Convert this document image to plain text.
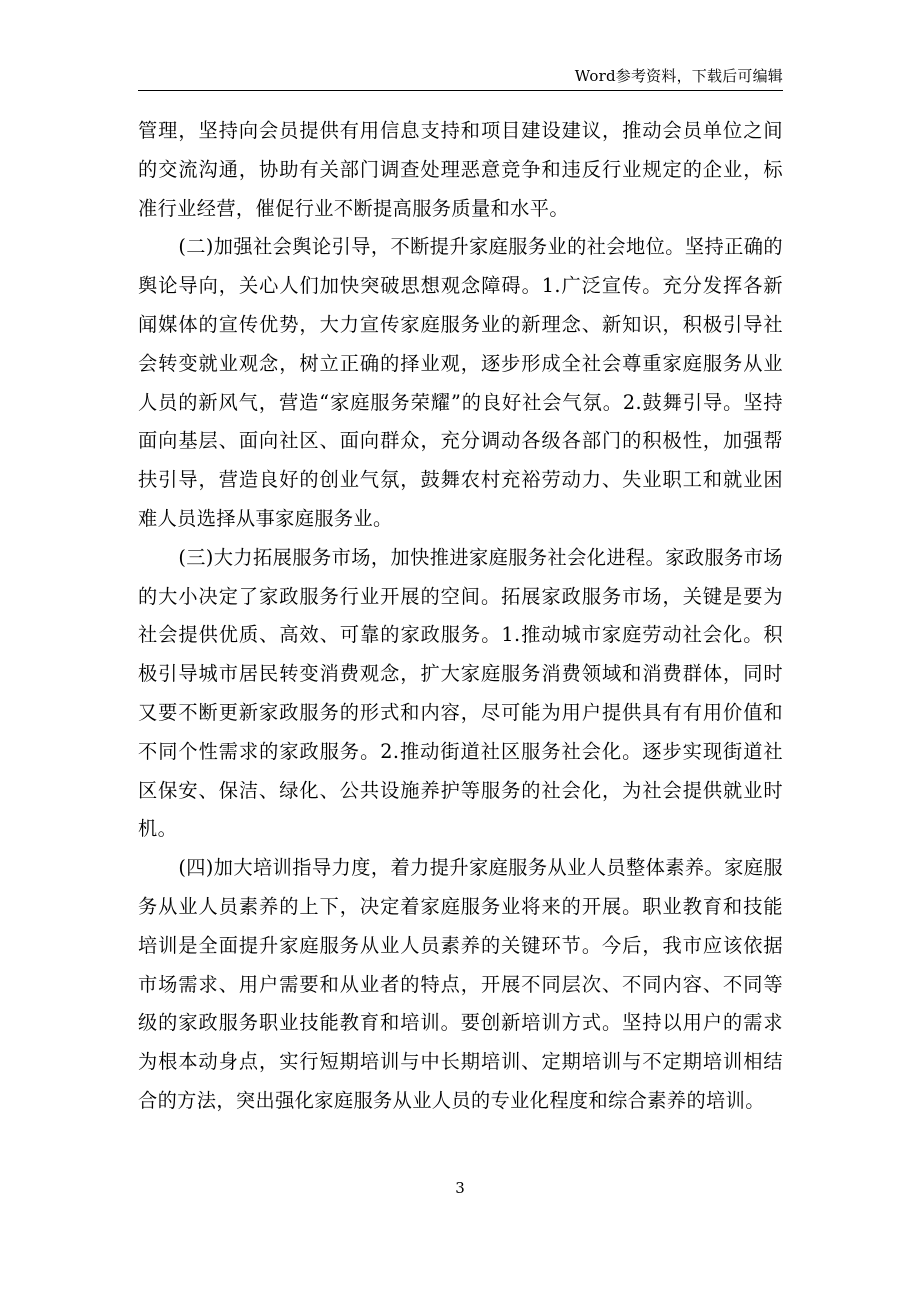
Word参考资料，下载后可编辑

管理，坚持向会员提供有用信息支持和项目建设建议，推动会员单位之间的交流沟通，协助有关部门调查处理恶意竞争和违反行业规定的企业，标准行业经营，催促行业不断提高服务质量和水平。

(二)加强社会舆论引导，不断提升家庭服务业的社会地位。坚持正确的舆论导向，关心人们加快突破思想观念障碍。1.广泛宣传。充分发挥各新闻媒体的宣传优势，大力宣传家庭服务业的新理念、新知识，积极引导社会转变就业观念，树立正确的择业观，逐步形成全社会尊重家庭服务从业人员的新风气，营造“家庭服务荣耀”的良好社会气氛。2.鼓舞引导。坚持面向基层、面向社区、面向群众，充分调动各级各部门的积极性，加强帮扶引导，营造良好的创业气氛，鼓舞农村充裕劳动力、失业职工和就业困难人员选择从事家庭服务业。

(三)大力拓展服务市场，加快推进家庭服务社会化进程。家政服务市场的大小决定了家政服务行业开展的空间。拓展家政服务市场，关键是要为社会提供优质、高效、可靠的家政服务。1.推动城市家庭劳动社会化。积极引导城市居民转变消费观念，扩大家庭服务消费领域和消费群体，同时又要不断更新家政服务的形式和内容，尽可能为用户提供具有有用价值和不同个性需求的家政服务。2.推动街道社区服务社会化。逐步实现街道社区保安、保洁、绿化、公共设施养护等服务的社会化，为社会提供就业时机。

(四)加大培训指导力度，着力提升家庭服务从业人员整体素养。家庭服务从业人员素养的上下，决定着家庭服务业将来的开展。职业教育和技能培训是全面提升家庭服务从业人员素养的关键环节。今后，我市应该依据市场需求、用户需要和从业者的特点，开展不同层次、不同内容、不同等级的家政服务职业技能教育和培训。要创新培训方式。坚持以用户的需求为根本动身点，实行短期培训与中长期培训、定期培训与不定期培训相结合的方法，突出强化家庭服务从业人员的专业化程度和综合素养的培训。

3
